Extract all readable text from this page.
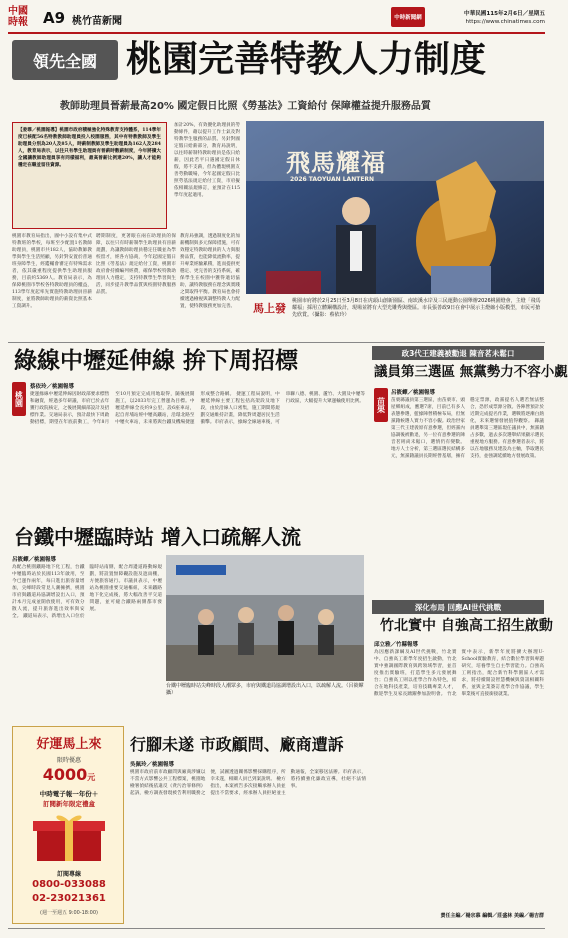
中國
時報	A9 桃竹苗新聞	中時新聞網
中華民國115年2月6日／星期五
https://www.chinatimes.com
領先全國 桃園完善特教人力制度
教師助理員晉薪最高20% 國定假日比照《勞基法》工資給付 保障權益提升服務品質
【姜霏／桃園報導】桃園市政府積極強化特殊教育支持體系，114學年度已核配56名特教教師助理員投入校園服務，其中有特教教師及學生助理員分別為20人及85人，時薪制教師及學生助理員為162人及284人，教育局表示，以往只有學生助理員有晉薪時數薪制度，今年將擴大全國讓教師助理員享有同樣福利，最高晉薪比例達20%，讓人才能夠穩定在職並留住資源。
桃園市教育局指出，國中小設有集中式特教班的學校，每班至少配置1名教師助理員，桃園市共182人，協助教師教學與學生生活照顧，另針對安置於普通班身障學生，經鑑輔會審定有特殊需求者，依其嚴重程度提供學生助理員服務，目前約5369人。教育局表示，為保障桃園市學校各特教助理員的權益，113學年度起率先實施特教助理員晉薪制度，並將教師助理員的薪資比照基本工資調升。
聘期制度，更著眼在兩在助理員的保障，以往只有時薪制學生助理員有晉薪規劃，為讓教師助理員穩定任職並為學校留才，經各方協商，今年起國定假日比照《勞基法》規定給付工資，桃園市政府會持續編列經費，確保學校特教助理員人力穩定，支持特教學生學習與生活，同步提升教學品質與校園特教服務品質。
加計20%，有效優化助理員的勞動條件，藉以提升工作士氣及對特教學生服務的品質。另針對國定假日給薪部分，教育局說明，以往時薪制特教助理員是依日給薪，因此若平日遇國定假日休假，將不支薪，但為體現桃園友善勞動職場，今年起國定假日比照勞基法規定給付工資，市府擬依相關法規修訂，並預計在115學年度起適用。
教育局強調，透過制度化的加薪機制與多元保障措施，可有效穩定特教助理員的人力與服務品質，也能降低流動率，提升專業經驗累積，進而提供更穩定、更完善的支持系統，確保學生在校園中獲得適切協助，讓特教服務在理念與實踐之間取得平衡。教育局也會持續透過檢視與調整特教人力配置，使特教服務更加完善。
飛馬耀福
2026 TAOYUAN LANTERN
馬上發
桃園市府將於2月25日至3月8日在虎頭山創新園區、南崁溪水岸及三民運動公園舉辦2026桃園燈會，主燈「飛馬耀福」採用立體鋼構設計，現場並將有大型光雕秀與燈區。市長張善政9日在會中展示主燈縮小版模型，市民可搶先欣賞。（攝影：蔡依玲）
綠線中壢延伸線 拚下周招標
桃園
蔡依玲／桃園報導
捷運綠線中壢延伸線因財政部要求標售和融資，經過多年研議，市府已於去年獲行政院核定，之後展開細部設計及招標作業。交通局表示，預計最快下周啟動招標，期望在年底前動工，今年8月至10月預定完成用地取得，隨後展開施工，以2033年完工營運為目標。中壢延伸線全長約9公里，設6座車站，起自青埔站經中壢高鐵站，沿環北路至中壢火車站，未來將與台鐵及機場捷運形成整合路網。 捷運工程局說明，中壢延伸線主要工程包括高架段及地下段，由於沿線人口密集，施工期間將規劃交通維持計畫，降低對周邊居民生活衝擊。市府表示，綠線全線通車後，可串聯八德、桃園、蘆竹、大園及中壢等行政區，大幅提升大眾運輸使用比例。
台鐵中壢臨時站 增入口疏解人流
呂筱蟬／桃園報導
為配合桃園鐵路地下化工程，台鐵中壢臨時站於民國113年啟用，至今已運作兩年，每日進出旅客量增加，尖峰時段常見人潮擁擠，桃園市府與鐵道局協調增設出入口，預計本月完成並開放使用，可有效分散人流，提升旅客進出效率與安全。 鐵道局表示，新增出入口位於臨時站南側，配合周邊道路動線規劃，將設置無障礙設施及遮雨棚，方便旅客通行。市議員表示，中壢站為桃園重要交通樞紐，未來鐵路地下化完成後，將大幅改善平交道問題，並可縫合鐵路兩側都市發展。
台鐵中壢臨時站尖峰時段人潮眾多，市府與鐵道局協調增設出入口，以疏解人流。（呂筱蟬攝）
政3代王建義被勸退 陳音茗未鬆口
議員第三選區 無黨勢力不容小覷
苗栗
呂筱蟬／桃園報導
苗栗縣議員第三選區，由苗栗市、頭屋鄉組成，應選7席，目前已有多人表態參選，藍綠陣營積極布局，但無黨籍候選人實力不容小覷。政治世家第三代王建義原有意參選，但經黨內協調後被勸退，另一位有意參選的陳音茗則尚未鬆口，選情仍有變數。 地方人士分析，第三選區選民結構多元，無黨籍議員長期經營基層，擁有穩定票源，政黨提名人選若無法整合，恐形成票源分散。各陣營預計於近期完成提名作業，選戰將逐漸白熱化，未來選情發展值得觀察。 縣議員選舉第三選區現任議員中，無黨籍占多數，過去多次選舉結果顯示選民重視地方服務。有意參選者表示，將以在地服務及建設為主軸，爭取選民支持，並強調延續地方發展政策。
深化布局 回應AI世代挑戰
竹北實中 自強高工招生啟動
邱立雅／竹縣報導
為因應新課綱及AI世代挑戰，竹北實中、自強高工新學年度招生啟動，竹北實中強調國際教育與跨領域學習，並首度推出實驗班，打造學生多元發展舞台；自強高工則以產學合作為特色，結合在地科技產業，培育技職專業人才，歡迎學生及家長踴躍參加說明會。 竹北實中表示，新學年度將擴大辦理U-School實驗教育，結合數位學習與專題研究，培養學生自主學習能力。自強高工則指出，配合新竹科學園區人才需求，將持續開設智慧機械與資訊相關科系，並與企業簽訂產學合作協議，學生畢業後可直接銜接就業。
責任主編／楊宗慕 編輯／莊盛林 美編／楊吉群
好運馬上來
限時優惠
4000元
中時電子報一年份＋
訂閱新年限定禮盒
訂閱專線
0800-033088
02-23021361
(週一至週五 9:00-18:00)
行腳未遂 市政顧問、廠商遭訴
吳佩玲／桃園報導
桃園市政府前市政顧問與廠商涉嫌以不當方式影響公共工程標案，桃園地檢署偵結後依違反《貪污治罪條例》起訴，檢方調查發現被告利用職務之便，試圖透過關係影響採購程序，所幸未遂，相關人員已到案說明。 檢方指出，本案被告多次接觸承辦人員並提出不當要求，經承辦人員拒絕並主動通報，全案移送法辦。市府表示，將持續強化廉政宣導，杜絕不法情事。
